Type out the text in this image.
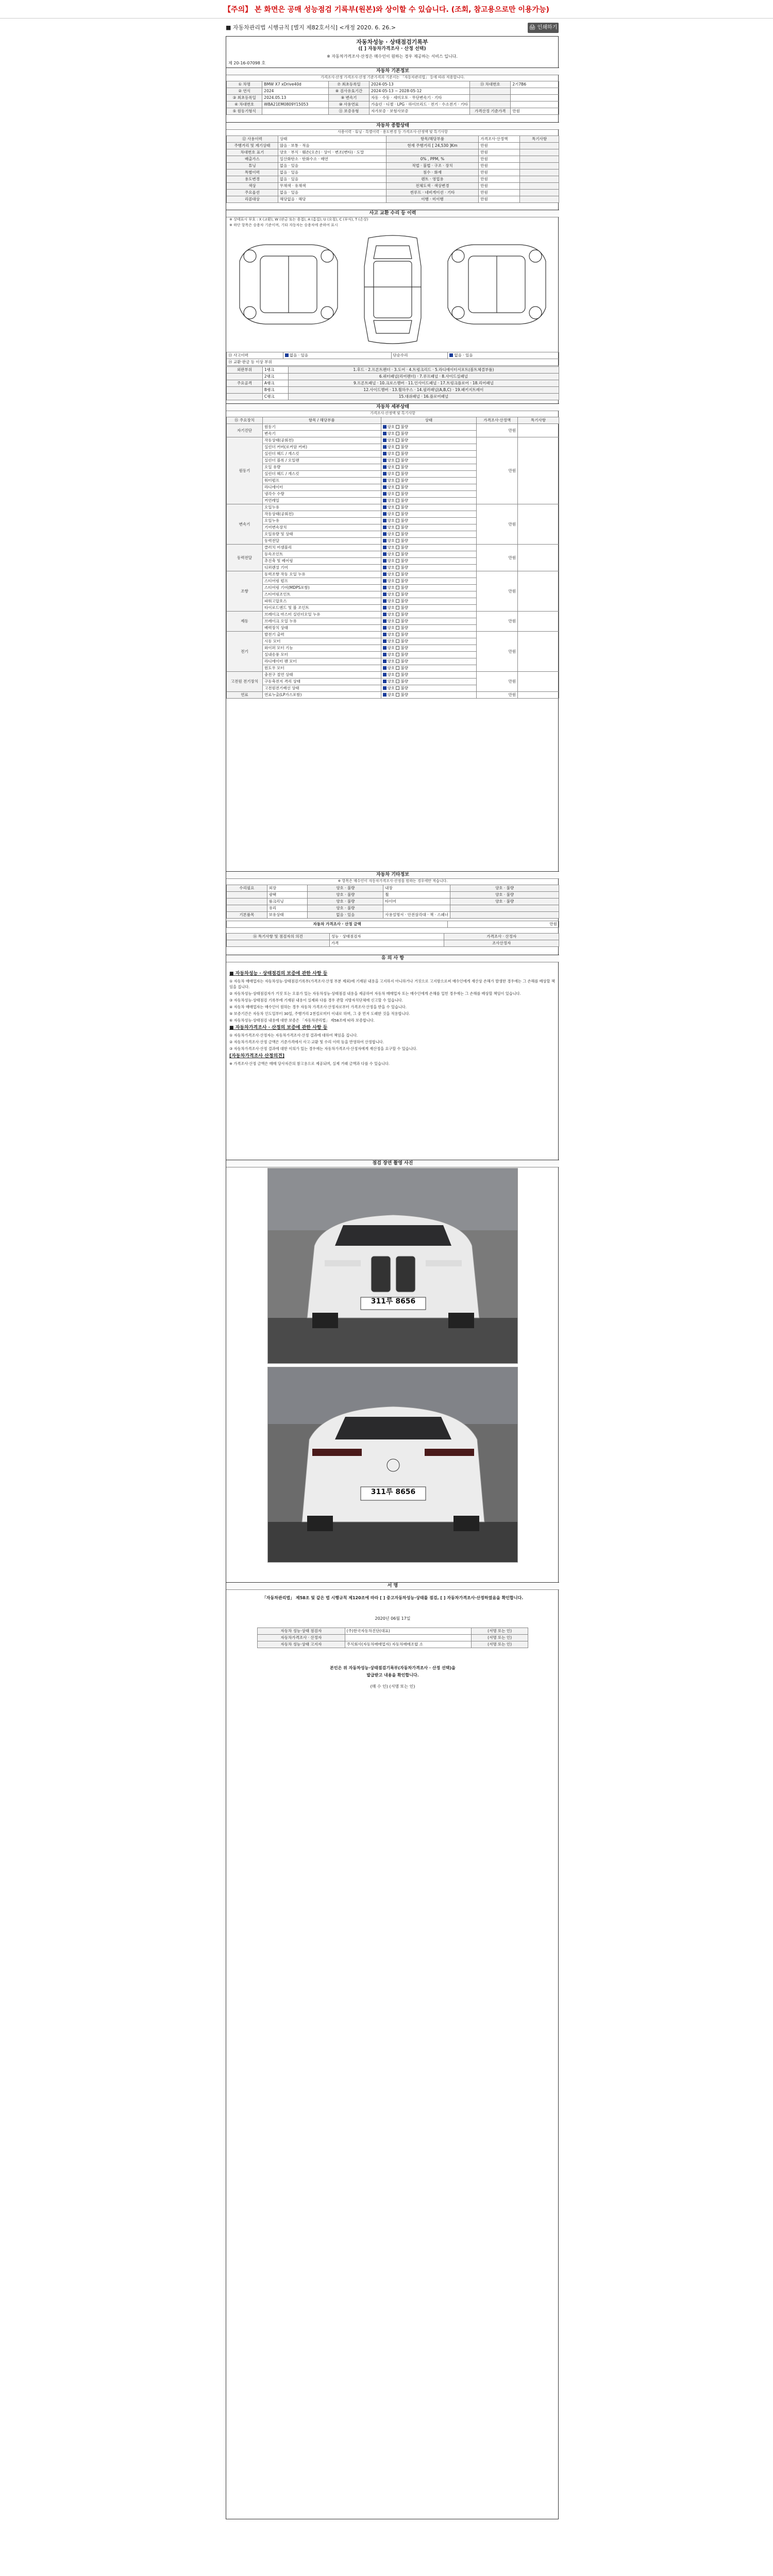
【주의】 본 화면은 공매 성능점검 기록부(원본)와 상이할 수 있습니다. (조회, 참고용으로만 이용가능)
■ 자동차관리법 시행규칙 [별지 제82호서식] <개정 2020. 6. 26.>	🖨 인쇄하기
자동차성능 · 상태점검기록부
([ ] 자동차가격조사 · 산정 선택)
※ 자동차가격조사·산정은 매수인이 원하는 경우 제공하는 서비스 입니다.
제 20-16-07098 호
자동차 기본정보
가격조사·산정 가격조사·산정 기준가격과 기준서는 「자동차관리법」 등에 따라 적용합니다.
① 차명	BMW X7 xDrive40d	⑦ 최초등록일	2024-05-13	⑬ 차대번호	2기7B6
② 연식	2024	⑧ 검사유효기간	2024-05-13 ~ 2028-05-12		
③ 최초등록일	2024.05.13	⑨ 변속기	자동 · 수동 · 세미오토 · 무단변속기 · 기타		
④ 차대번호	WBA21EM0809Y15053	⑩ 사용연료	가솔린 · 디젤 · LPG · 하이브리드 · 전기 · 수소전기 · 기타		
⑤ 원동기형식		⑪ 보증유형	자가보증 · 보험사보증	가격산정 기준가격	만원
자동차 종합상태
사용이력 · 튜닝 · 특별이력 · 용도변경 등 가격조사·산정액 및 특기사항
⑫ 사용이력	상태	항목/해당부품	가격조사·산정액	특기사항
주행거리 및 계기상태	많음 · 보통 · 적음	현재 주행거리 [ 24,530 ]Km	만원	
차대번호 표기	양호 · 부식 · 훼손(오손) · 상이 · 변조(변타) · 도말		만원	
배출가스	일산화탄소 · 탄화수소 · 매연	0% , PPM, %	만원	
튜닝	없음 · 있음	적법 · 불법 · 구조 · 장치	만원	
특별이력	없음 · 있음	침수 · 화재	만원	
용도변경	없음 · 있음	렌트 · 영업용	만원	
색상	무채색 · 유채색	전체도색 · 색상변경	만원	
주요옵션	없음 · 있음	썬루프 · 네비게이션 · 기타	만원	
리콜대상	해당없음 · 해당	이행 · 미이행	만원	
사고 교환 수리 등 이력
※ 상태표시 부호 : X (교환), W (판금 또는 용접), A (흠집), U (요철), C (부식), T (손상)
※ 하단 항목은 승용차 기준이며, 기타 자동차는 승용차에 준하여 표시
⑬ 사고이력	없음 · 있음	단순수리	없음 · 있음
⑭ 교환·판금 등 이상 부위
외판부위	1랭크	1.후드 · 2.프론트펜더 · 3.도어 · 4.트렁크리드 · 5.라디에이터서포트(볼트체결부품)
	2랭크	6.쿼터패널(리어펜더) · 7.루프패널 · 8.사이드실패널
주요골격	A랭크	9.프론트패널 · 10.크로스멤버 · 11.인사이드패널 · 17.트렁크플로어 · 18.리어패널
	B랭크	12.사이드멤버 · 13.휠하우스 · 14.필러패널(A,B,C) · 19.패키지트레이
	C랭크	15.대쉬패널 · 16.플로어패널
자동차 세부상태
가격조사·산정액 및 특기사항
⑮ 주요장치	항목 / 해당부품	상태	가격조사·산정액	특기사항
자기진단	원동기	양호 불량	만원	
	변속기	양호 불량		
원동기	작동상태(공회전)	양호 불량	만원	
	실린더 커버(로커암 커버)	양호 불량		
	실린더 헤드 / 개스킷	양호 불량		
	실린더 블록 / 오일팬	양호 불량		
	오일 유량	양호 불량		
	실린더 헤드 / 개스킷	양호 불량		
	워터펌프	양호 불량		
	라디에이터	양호 불량		
	냉각수 수량	양호 불량		
	커먼레일	양호 불량		
변속기	오일누유	양호 불량	만원	
	작동상태(공회전)	양호 불량		
	오일누유	양호 불량		
	기어변속장치	양호 불량		
	오일유량 및 상태	양호 불량		
	동력전달	양호 불량		
동력전달	클러치 어셈블리	양호 불량	만원	
	등속조인트	양호 불량		
	추진축 및 베어링	양호 불량		
	디퍼렌셜 기어	양호 불량		
조향	동력조향 작동 오일 누유	양호 불량	만원	
	스티어링 펌프	양호 불량		
	스티어링 기어(MDPS포함)	양호 불량		
	스티어링조인트	양호 불량		
	파워고압호스	양호 불량		
	타이로드엔드 및 볼 조인트	양호 불량		
제동	브레이크 마스터 실린더오일 누유	양호 불량	만원	
	브레이크 오일 누유	양호 불량		
	배력장치 상태	양호 불량		
전기	발전기 출력	양호 불량	만원	
	시동 모터	양호 불량		
	와이퍼 모터 기능	양호 불량		
	실내송풍 모터	양호 불량		
	라디에이터 팬 모터	양호 불량		
	윈도우 모터	양호 불량		
고전원 전기장치	충전구 절연 상태	양호 불량	만원	
	구동축전지 격리 상태	양호 불량		
	고전원전기배선 상태	양호 불량		
연료	연료누출(LP가스포함)	양호 불량	만원	
자동차 기타정보
※ 항목은 매수인이 자동차가격조사·산정을 원하는 경우에만 적습니다.
수리필요	외장	양호 · 불량	내장	양호 · 불량
	광택	양호 · 불량	휠	양호 · 불량
	룸크리닝	양호 · 불량	타이어	양호 · 불량
	유리	양호 · 불량		
기본품목	보유상태	없음 · 있음	사용설명서 · 안전삼각대 · 잭 · 스패너	
자동차 가격조사 · 산정 금액	만원
⑯ 특기사항 및 점검자의 의견	성능 · 상태점검자	가격조사 · 산정자
	가격	조사산정자
유 의 사 항
■ 자동차성능 · 상태점검의 보증에 관한 사항 등

① 자동차 매매업자는 자동차성능·상태점검기록부(가격조사·산정 부분 제외)에 기재된 내용을 고지하지 아니하거나 거짓으로 고지함으로써 매수인에게 재산상 손해가 발생한 경우에는 그 손해를 배상할 책임을 집니다.

② 자동차성능·상태점검자가 거짓 또는 오류가 있는 자동차성능·상태점검 내용을 제공하여 자동차 매매업자 또는 매수인에게 손해를 입힌 경우에는 그 손해를 배상할 책임이 있습니다.

③ 자동차성능·상태점검 기록부에 기재된 내용이 실제와 다를 경우 관할 지방자치단체에 신고할 수 있습니다.

④ 자동차 매매업자는 매수인이 원하는 경우 자동차 가격조사·산정자로부터 가격조사·산정을 받을 수 있습니다.

⑤ 보증기간은 자동차 인도일부터 30일, 주행거리 2천킬로미터 이내로 하며, 그 중 먼저 도래한 것을 적용합니다.

⑥ 자동차성능·상태점검 내용에 대한 보증은 「자동차관리법」 제58조에 따라 보증합니다.

■ 자동차가격조사 · 산정의 보증에 관한 사항 등

① 자동차가격조사·산정자는 자동차가격조사·산정 결과에 대하여 책임을 집니다.

② 자동차가격조사·산정 금액은 기준가격에서 사고·교환 및 수리 이력 등을 반영하여 산정합니다.

③ 자동차가격조사·산정 결과에 대한 이의가 있는 경우에는 자동차가격조사·산정자에게 재산정을 요구할 수 있습니다.

[자동차가격조사 산정의견]

※ 가격조사·산정 금액은 매매 당사자간의 참고용으로 제공되며, 실제 거래 금액과 다를 수 있습니다.

점검 장면 촬영 사진
311루 8656
311루 8656
서 명
「자동차관리법」 제58조 및 같은 법 시행규칙 제120조에 따라 [ ] 중고자동차성능·상태를 점검, [ ] 자동차가격조사·산정하였음을 확인합니다.
2020년 06월 17일
자동차 성능·상태 점검자	(주)한국자동차진단(대표)	(서명 또는 인)
자동차가격조사 · 산정자		(서명 또는 인)
자동차 성능·상태 고지자	주식회사(자동차매매업자) 자동차매매조합 소	(서명 또는 인)
본인은 위 자동차성능·상태점검기록부(자동차가격조사 · 산정 선택)을
발급받고 내용을 확인합니다.
(매 수 인) (서명 또는 인)
